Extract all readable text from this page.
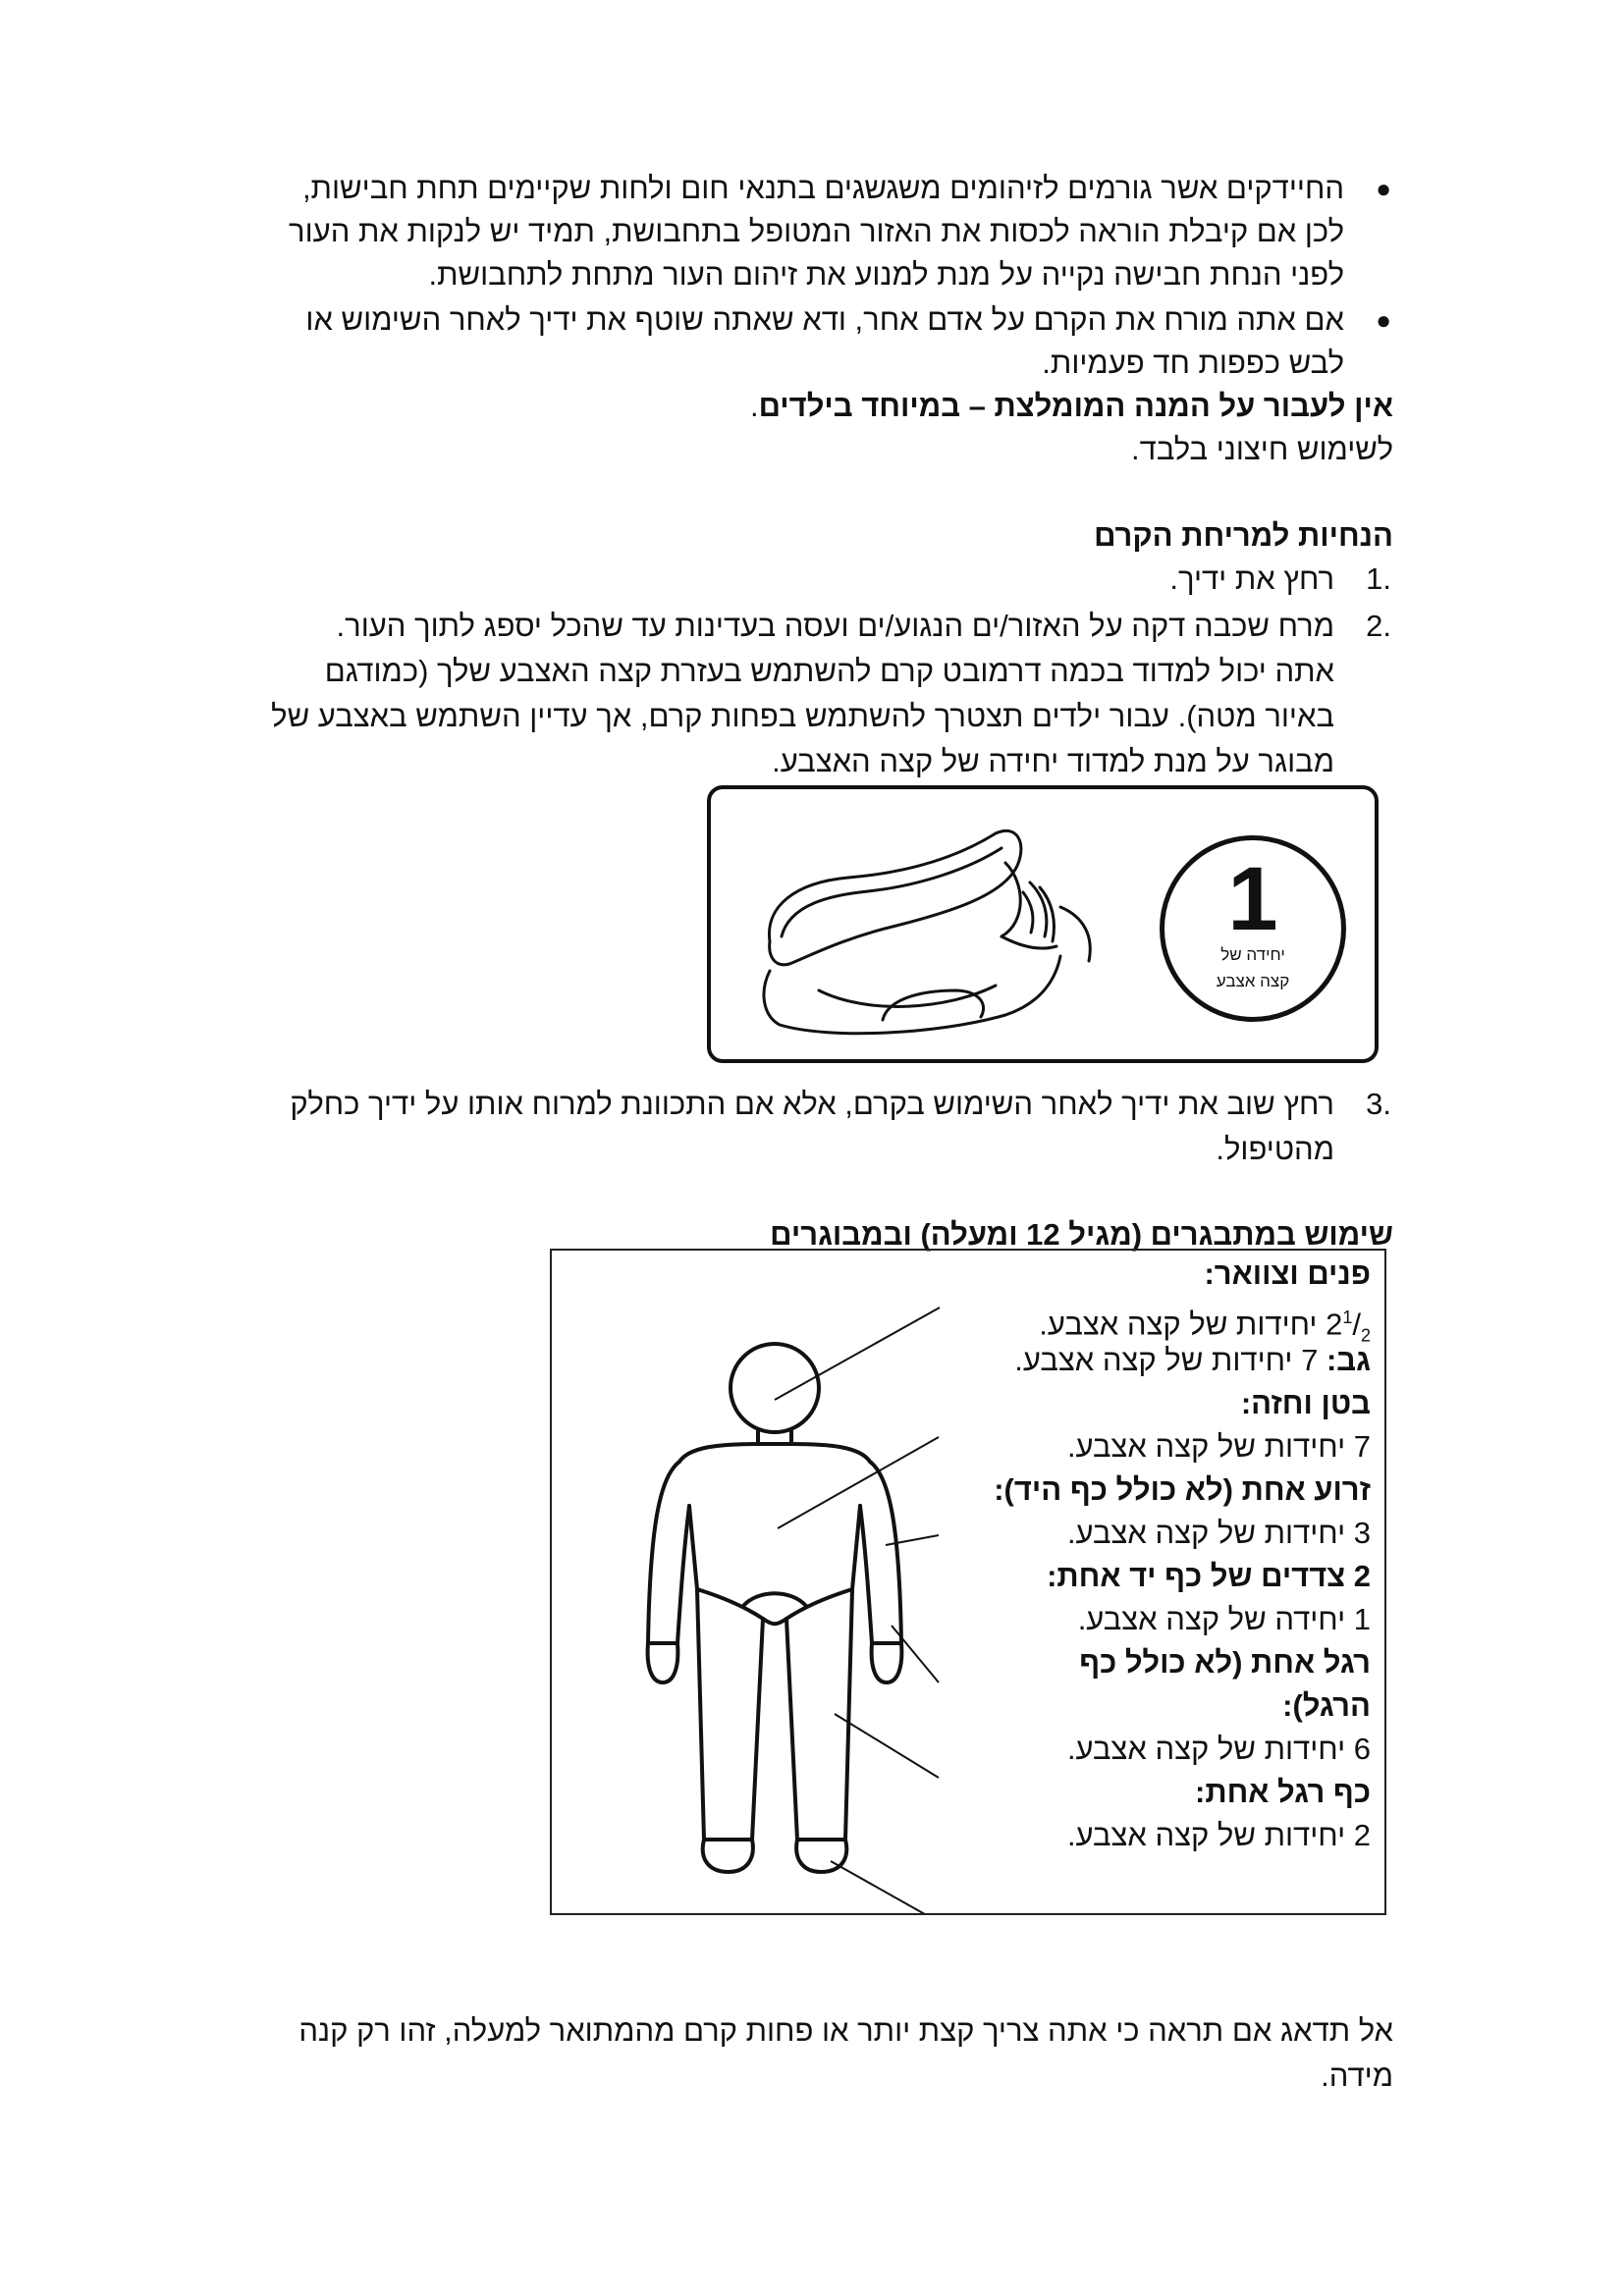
●
החיידקים אשר גורמים לזיהומים משגשגים בתנאי חום ולחות שקיימים תחת חבישות,
לכן אם קיבלת הוראה לכסות את האזור המטופל בתחבושת, תמיד יש לנקות את העור
לפני הנחת חבישה נקייה על מנת למנוע את זיהום העור מתחת לתחבושת.
●
אם אתה מורח את הקרם על אדם אחר, ודא שאתה שוטף את ידיך לאחר השימוש או
לבש כפפות חד פעמיות.
אין לעבור על המנה המומלצת – במיוחד בילדים.
לשימוש חיצוני בלבד.
הנחיות למריחת הקרם
1.
רחץ את ידיך.
2.
מרח שכבה דקה על האזור/ים הנגוע/ים ועסה בעדינות עד שהכל יספג לתוך העור.
אתה יכול למדוד בכמה דרמובט קרם להשתמש בעזרת קצה האצבע שלך (כמודגם
באיור מטה). עבור ילדים תצטרך להשתמש בפחות קרם, אך עדיין השתמש באצבע של
מבוגר על מנת למדוד יחידה של קצה האצבע.
1
יחידה של
קצה אצבע
3.
רחץ שוב את ידיך לאחר השימוש בקרם, אלא אם התכוונת למרוח אותו על ידיך כחלק
מהטיפול.
שימוש במתבגרים (מגיל 12 ומעלה) ובמבוגרים
פנים וצוואר:
$2^1/_2$ יחידות של קצה אצבע.
גב: 7 יחידות של קצה אצבע.
בטן וחזה:
7 יחידות של קצה אצבע.
זרוע אחת (לא כולל כף היד):
3 יחידות של קצה אצבע.
2 צדדים של כף יד אחת:
1 יחידה של קצה אצבע.
רגל אחת (לא כולל כף
הרגל):
6 יחידות של קצה אצבע.
כף רגל אחת:
2 יחידות של קצה אצבע.
אל תדאג אם תראה כי אתה צריך קצת יותר או פחות קרם מהמתואר למעלה, זהו רק קנה
מידה.
